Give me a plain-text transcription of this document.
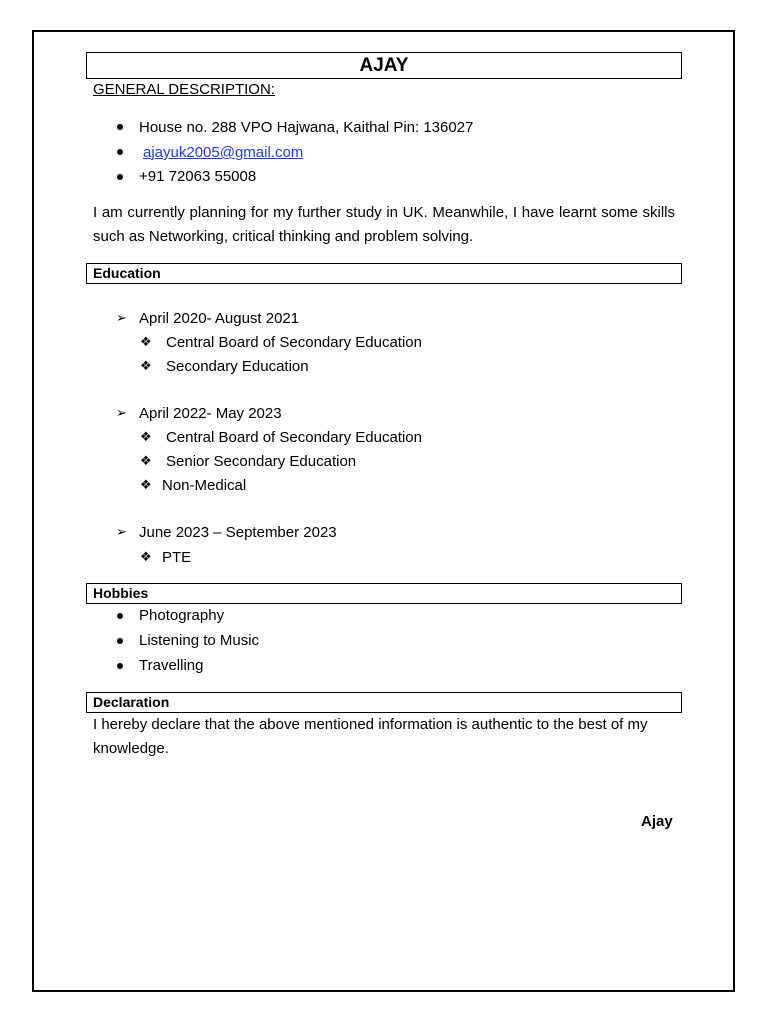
AJAY
GENERAL DESCRIPTION:
House no. 288 VPO Hajwana, Kaithal Pin: 136027
ajayuk2005@gmail.com
+91 72063 55008
I am currently planning for my further study in UK. Meanwhile, I have learnt some skills such as Networking, critical thinking and problem solving.
Education
➢ April 2020- August 2021
❖ Central Board of Secondary Education
❖ Secondary Education
➢ April 2022- May 2023
❖ Central Board of Secondary Education
❖ Senior Secondary Education
❖ Non-Medical
➢ June 2023 – September 2023
❖ PTE
Hobbies
Photography
Listening to Music
Travelling
Declaration
I hereby declare that the above mentioned information is authentic to the best of my knowledge.
Ajay
